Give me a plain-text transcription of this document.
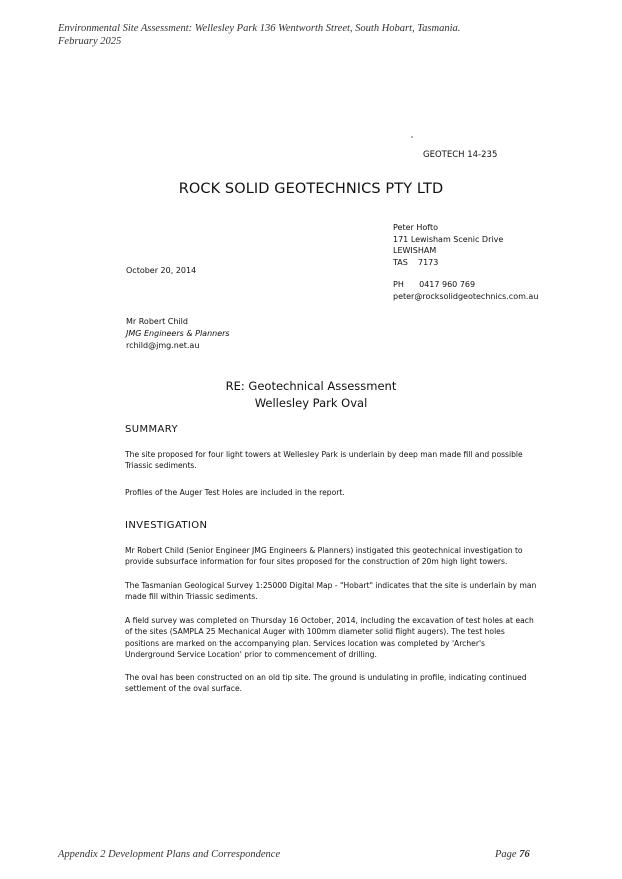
Environmental Site Assessment: Wellesley Park 136 Wentworth Street, South Hobart, Tasmania.
February 2025
GEOTECH 14-235
ROCK SOLID GEOTECHNICS PTY LTD
Peter Hofto
171 Lewisham Scenic Drive
LEWISHAM
TAS    7173
PH      0417 960 769
peter@rocksolidgeotechnics.com.au
October 20, 2014
Mr Robert Child
JMG Engineers & Planners
rchild@jmg.net.au
RE: Geotechnical Assessment
Wellesley Park Oval
SUMMARY

The site proposed for four light towers at Wellesley Park is underlain by deep man made fill and possible Triassic sediments.

Profiles of the Auger Test Holes are included in the report.

INVESTIGATION

Mr Robert Child (Senior Engineer JMG Engineers & Planners) instigated this geotechnical investigation to provide subsurface information for four sites proposed for the construction of 20m high light towers.

The Tasmanian Geological Survey 1:25000 Digital Map - "Hobart" indicates that the site is underlain by man made fill within Triassic sediments.

A field survey was completed on Thursday 16 October, 2014, including the excavation of test holes at each of the sites (SAMPLA 25 Mechanical Auger with 100mm diameter solid flight augers). The test holes positions are marked on the accompanying plan. Services location was completed by 'Archer's Underground Service Location' prior to commencement of drilling.

The oval has been constructed on an old tip site. The ground is undulating in profile, indicating continued settlement of the oval surface.

Appendix 2 Development Plans and Correspondence	Page 76
